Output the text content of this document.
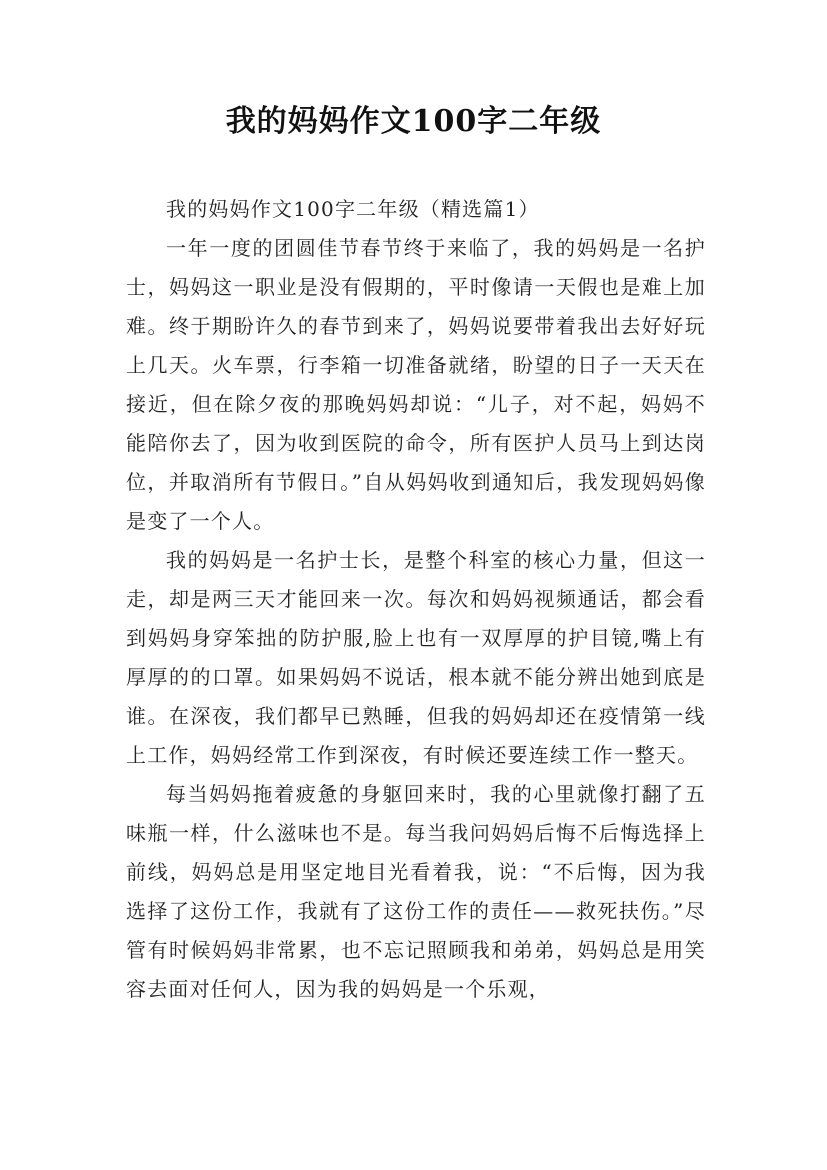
我的妈妈作文100字二年级

我的妈妈作文100字二年级（精选篇1）

一年一度的团圆佳节春节终于来临了，我的妈妈是一名护士，妈妈这一职业是没有假期的，平时像请一天假也是难上加难。终于期盼许久的春节到来了，妈妈说要带着我出去好好玩上几天。火车票，行李箱一切准备就绪，盼望的日子一天天在接近，但在除夕夜的那晚妈妈却说：“儿子，对不起，妈妈不能陪你去了，因为收到医院的命令，所有医护人员马上到达岗位，并取消所有节假日。”自从妈妈收到通知后，我发现妈妈像是变了一个人。

我的妈妈是一名护士长，是整个科室的核心力量，但这一走，却是两三天才能回来一次。每次和妈妈视频通话，都会看到妈妈身穿笨拙的防护服,脸上也有一双厚厚的护目镜,嘴上有厚厚的的口罩。如果妈妈不说话，根本就不能分辨出她到底是谁。在深夜，我们都早已熟睡，但我的妈妈却还在疫情第一线上工作，妈妈经常工作到深夜，有时候还要连续工作一整天。

每当妈妈拖着疲惫的身躯回来时，我的心里就像打翻了五味瓶一样，什么滋味也不是。每当我问妈妈后悔不后悔选择上前线，妈妈总是用坚定地目光看着我，说：“不后悔，因为我选择了这份工作，我就有了这份工作的责任——救死扶伤。”尽管有时候妈妈非常累，也不忘记照顾我和弟弟，妈妈总是用笑容去面对任何人，因为我的妈妈是一个乐观，
